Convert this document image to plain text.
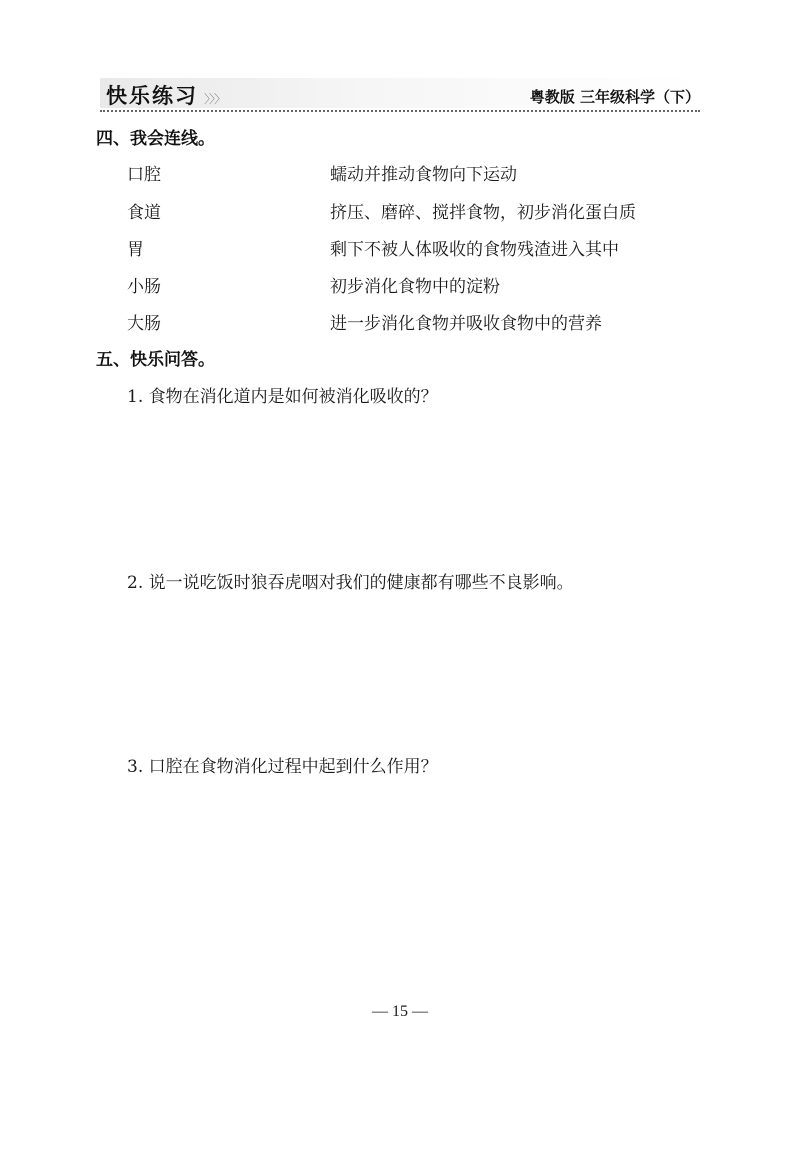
快乐练习 〉〉〉	粤教版 三年级科学（下）
四、我会连线。
口腔
食道
胃
小肠
大肠
蠕动并推动食物向下运动
挤压、磨碎、搅拌食物，初步消化蛋白质
剩下不被人体吸收的食物残渣进入其中
初步消化食物中的淀粉
进一步消化食物并吸收食物中的营养
五、快乐问答。
1. 食物在消化道内是如何被消化吸收的？
2. 说一说吃饭时狼吞虎咽对我们的健康都有哪些不良影响。
3. 口腔在食物消化过程中起到什么作用？
— 15 —
